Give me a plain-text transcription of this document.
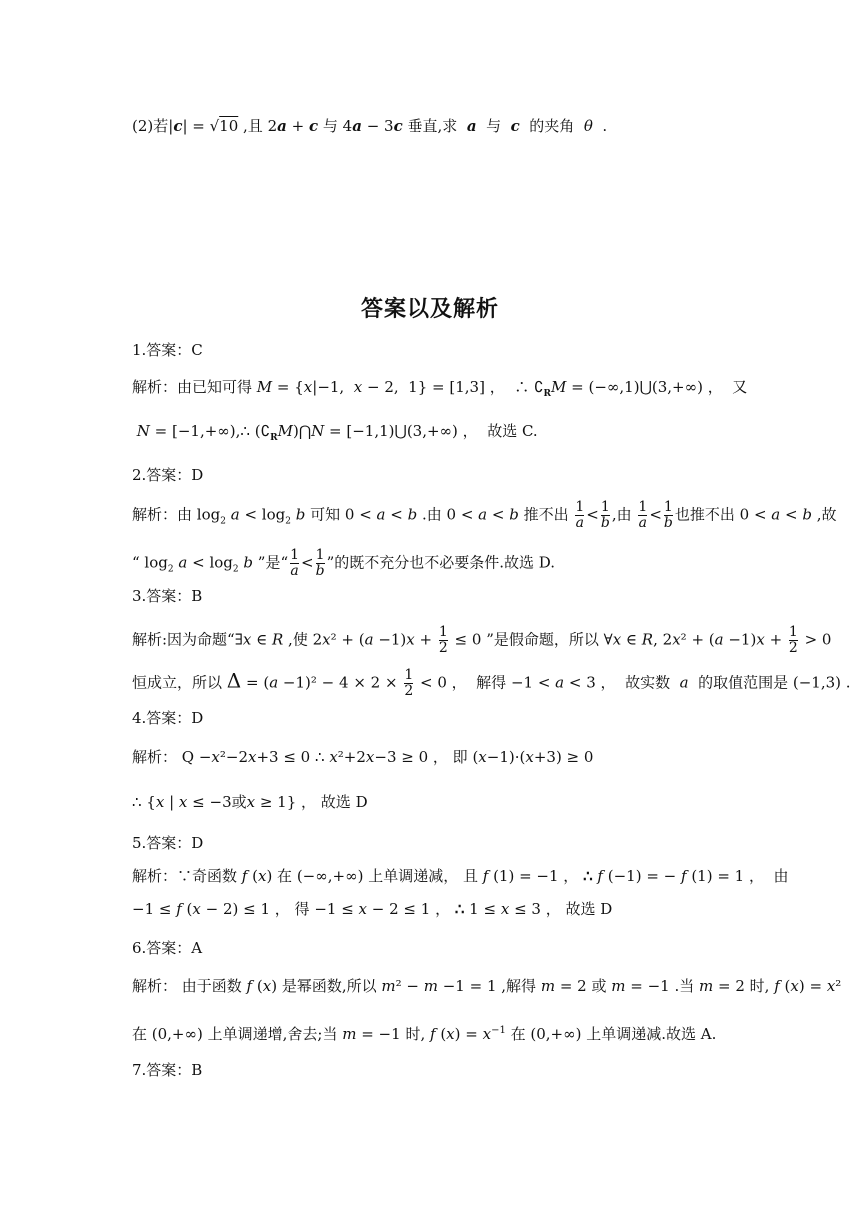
(2)若|c| = √10 ,且 2a + c 与 4a − 3c 垂直,求  a  与  c  的夹角  θ  .
答案以及解析
1.答案：C
解析：由已知可得 M = {x|−1,  x − 2,  1} = [1,3] ，  ∴ $∁_RM$ = (−∞,1)⋃(3,+∞) ，  又
N = [−1,+∞),∴ $(∁_RM)⋂N$ = [−1,1)⋃(3,+∞) ，  故选 C.
2.答案：D
解析：由 $\log_2 a < \log_2 b$ 可知 0 < a < b .由 0 < a < b 推不出 $\frac{1}{a} < \frac{1}{b}$ ,由 $\frac{1}{a} < \frac{1}{b}$ 也推不出 0 < a < b ,故
“ $\log_2 a < \log_2 b$ ”是“ $\frac{1}{a} < \frac{1}{b}$ ”的既不充分也不必要条件.故选 D.
3.答案：B
解析:因为命题“∃x ∈ R ,使 $2x^2 + (a -1)x + \frac{1}{2} \le 0$ ”是假命题，所以 ∀x ∈ R, $2x^2 + (a -1)x + \frac{1}{2} > 0$
恒成立，所以 $\Delta = (a -1)^2 - 4 \times 2 \times \frac{1}{2} < 0$ ，  解得 −1 < a < 3 ，  故实数  a  的取值范围是 (−1,3) .
4.答案：D
解析： Q −x²−2x+3 ≤ 0 ∴ x²+2x−3 ≥ 0 ， 即 (x−1)·(x+3) ≥ 0
∴ {x | x ≤ −3或x ≥ 1} ， 故选 D
5.答案：D
解析：∵奇函数 f (x) 在 (−∞,+∞) 上单调递减， 且 f (1) = −1 ， ∴ f (−1) = − f (1) = 1 ，  由
−1 ≤ f (x − 2) ≤ 1 ， 得 −1 ≤ x − 2 ≤ 1 ， ∴ 1 ≤ x ≤ 3 ， 故选 D
6.答案：A
解析： 由于函数 f (x) 是幂函数,所以 m² − m −1 = 1 ,解得 m = 2 或 m = −1 .当 m = 2 时, f (x) = x²
在 (0,+∞) 上单调递增,舍去;当 m = −1 时, f $(x) = x^{-1}$ 在 (0,+∞) 上单调递减.故选 A.
7.答案：B
